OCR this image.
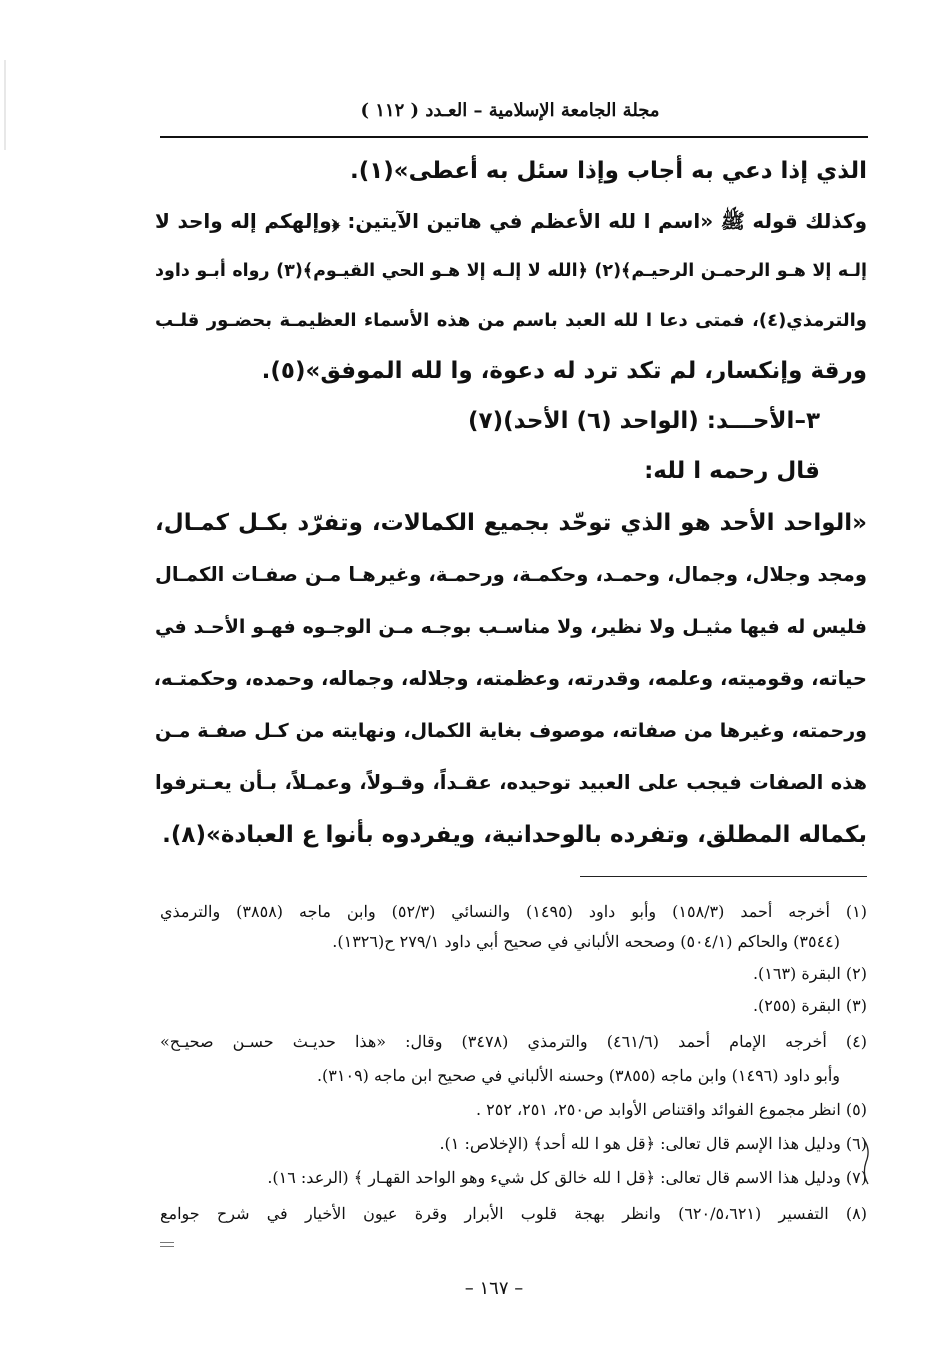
مجلة الجامعة الإسلامية – العـدد ( ١١٢ )
الذي إذا دعي به أجاب وإذا سئل به أعطى»(١).
وكذلك قوله ﷺ «اسم ا لله الأعظم في هاتين الآيتين: ﴿وإلهكم إله واحد لا
إلـه إلا هـو الرحمـن الرحيـم﴾(٢) ﴿الله لا إلـه إلا هـو الحي القيـوم﴾(٣) رواه أبـو داود
والترمذي(٤)، فمتى دعا ا لله العبد باسم من هذه الأسماء العظيمـة بحضـور قلـب
ورقة وإنكسار، لم تكد ترد له دعوة، وا لله الموفق»(٥).
٣–الأحـــد: (الواحد (٦) الأحد)(٧)
قال رحمه ا لله:
«الواحد الأحد هو الذي توحّد بجميع الكمالات، وتفرّد بكـل كمـال،
ومجد وجلال، وجمال، وحمـد، وحكمـة، ورحمـة، وغيرهـا مـن صفـات الكمـال
فليس له فيها مثيـل ولا نظير، ولا مناسـب بوجـه مـن الوجـوه فهـو الأحـد في
حياته، وقوميته، وعلمه، وقدرته، وعظمته، وجلاله، وجماله، وحمده، وحكمتـه،
ورحمته، وغيرها من صفاته، موصوف بغاية الكمال، ونهايته من كـل صفـة مـن
هذه الصفات فيجب على العبيد توحيده، عقـداً، وقـولاً، وعمـلاً، بـأن يعـترفوا
بكماله المطلق، وتفرده بالوحدانية، ويفردوه بأنوا ع العبادة»(٨).
(١) أخرجه أحمد (١٥٨/٣) وأبو داود (١٤٩٥) والنسائي (٥٢/٣) وابن ماجه (٣٨٥٨) والترمذي
(٣٥٤٤) والحاكم (٥٠٤/١) وصححه الألباني في صحيح أبي داود ٢٧٩/١ ح(١٣٢٦).
(٢) البقرة (١٦٣).
(٣) البقرة (٢٥٥).
(٤) أخرجه الإمام أحمد (٤٦١/٦) والترمذي (٣٤٧٨) وقال: «هذا حديـث حسـن صحيـح»
وأبو داود (١٤٩٦) وابن ماجه (٣٨٥٥) وحسنه الألباني في صحيح ابن ماجه (٣١٠٩).
(٥) انظر مجموع الفوائد واقتناص الأوابد ص٢٥٠، ٢٥١، ٢٥٢ .
(٦) ودليل هذا الإسم قال تعالى: ﴿قل هو ا لله أحد﴾ (الإخلاص: ١).
(٧) ودليل هذا الاسم قال تعالى: ﴿قل ا لله خالق كل شيء وهو الواحد القهـار ﴾ (الرعد: ١٦).
(٨) التفسير (٦٢٠/٥،٦٢١) وانظر بهجة قلوب الأبرار وقرة عيون الأخيار في شرح جوامع
– ١٦٧ –
